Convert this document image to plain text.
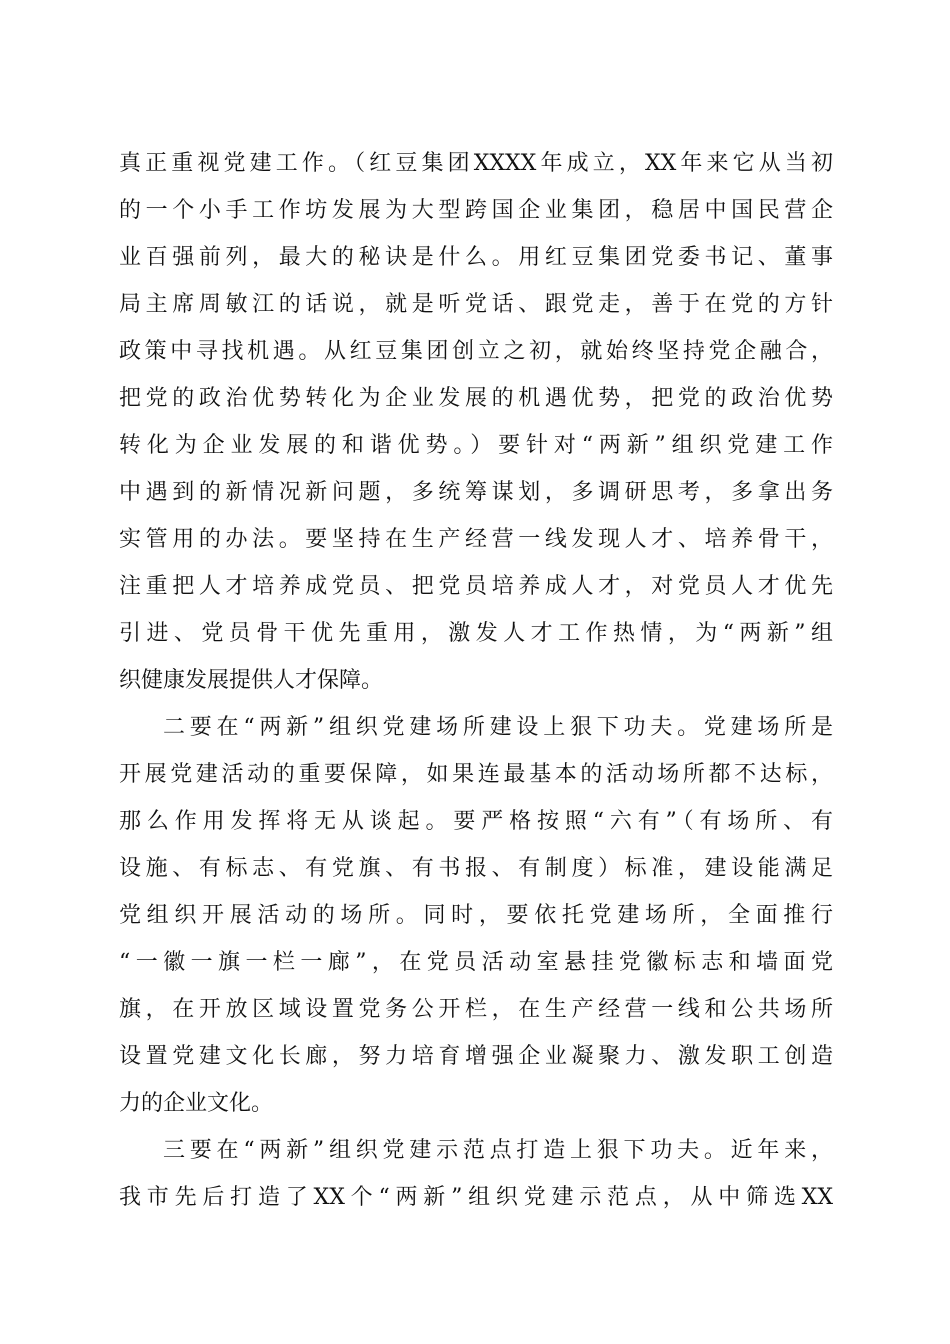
真正重视党建工作。（红豆集团XXXX年成立，XX年来它从当初
的一个小手工作坊发展为大型跨国企业集团，稳居中国民营企
业百强前列，最大的秘诀是什么。用红豆集团党委书记、董事
局主席周敏江的话说，就是听党话、跟党走，善于在党的方针
政策中寻找机遇。从红豆集团创立之初，就始终坚持党企融合，
把党的政治优势转化为企业发展的机遇优势，把党的政治优势
转化为企业发展的和谐优势。）要针对“两新”组织党建工作
中遇到的新情况新问题，多统筹谋划，多调研思考，多拿出务
实管用的办法。要坚持在生产经营一线发现人才、培养骨干，
注重把人才培养成党员、把党员培养成人才，对党员人才优先
引进、党员骨干优先重用，激发人才工作热情，为“两新”组
织健康发展提供人才保障。
二要在“两新”组织党建场所建设上狠下功夫。党建场所是
开展党建活动的重要保障，如果连最基本的活动场所都不达标，
那么作用发挥将无从谈起。要严格按照“六有”（有场所、有
设施、有标志、有党旗、有书报、有制度）标准，建设能满足
党组织开展活动的场所。同时，要依托党建场所，全面推行
“一徽一旗一栏一廊”，在党员活动室悬挂党徽标志和墙面党
旗，在开放区域设置党务公开栏，在生产经营一线和公共场所
设置党建文化长廊，努力培育增强企业凝聚力、激发职工创造
力的企业文化。
三要在“两新”组织党建示范点打造上狠下功夫。近年来，
我市先后打造了XX个“两新”组织党建示范点，从中筛选XX
